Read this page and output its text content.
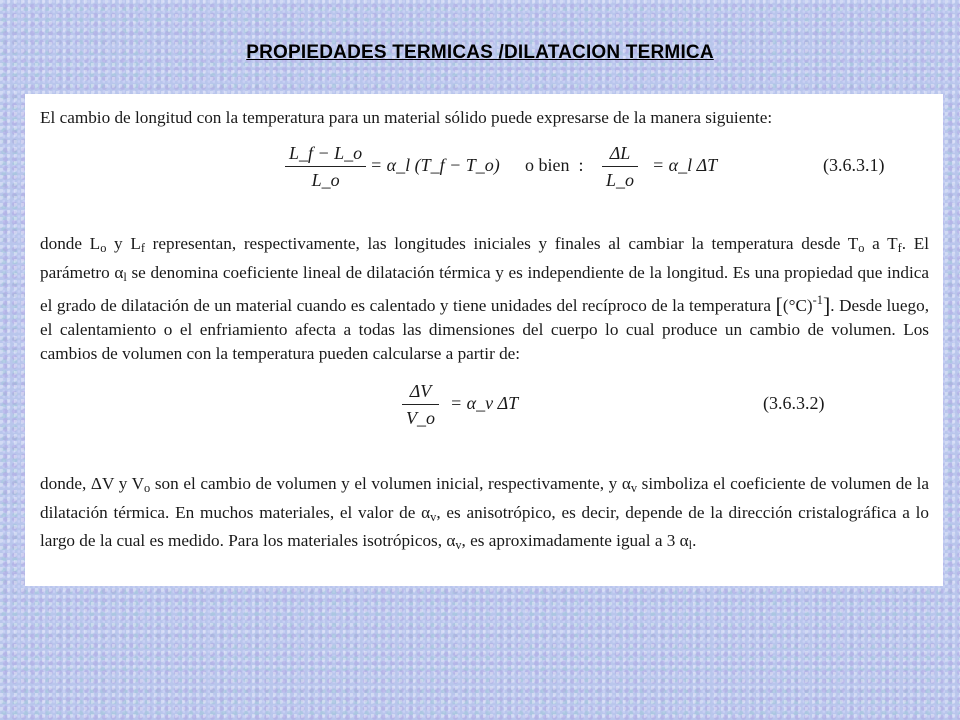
PROPIEDADES TERMICAS /DILATACION TERMICA

El cambio de longitud con la temperatura para un material sólido puede expresarse de la manera siguiente:

$\frac{L\_f - L\_o}{L\_o}$ = α_l (T_f − T_o) o bien  : $\frac{\Delta L}{L\_o}$ = α_l ΔT	(3.6.3.1)

donde $L_o$ y $L_f$ representan, respectivamente, las longitudes iniciales y finales al cambiar la temperatura desde $T_o$ a $T_f$. El parámetro $\alpha_l$ se denomina coeficiente lineal de dilatación térmica y es independiente de la longitud. Es una propiedad que indica el grado de dilatación de un material cuando es calentado y tiene unidades del recíproco de la temperatura $[(^\circ C)^{-1}]$. Desde luego, el calentamiento o el enfriamiento afecta a todas las dimensiones del cuerpo lo cual produce un cambio de volumen. Los cambios de volumen con la temperatura pueden calcularse a partir de:

$\frac{\Delta V}{V\_o}$ = α_v ΔT	(3.6.3.2)

donde, ΔV y $V_o$ son el cambio de volumen y el volumen inicial, respectivamente, y $\alpha_v$ simboliza el coeficiente de volumen de la dilatación térmica. En muchos materiales, el valor de $\alpha_v$, es anisotrópico, es decir, depende de la dirección cristalográfica a lo largo de la cual es medido. Para los materiales isotrópicos, $\alpha_v$, es aproximadamente igual a 3 $\alpha_l$.
